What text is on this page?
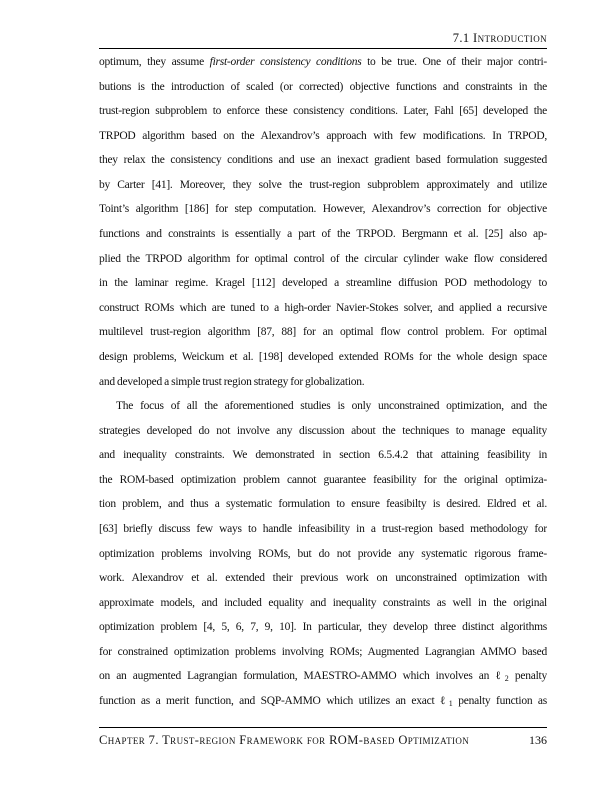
7.1 Introduction
optimum, they assume first-order consistency conditions to be true. One of their major contri-
butions is the introduction of scaled (or corrected) objective functions and constraints in the
trust-region subproblem to enforce these consistency conditions. Later, Fahl [65] developed the
TRPOD algorithm based on the Alexandrov’s approach with few modifications. In TRPOD,
they relax the consistency conditions and use an inexact gradient based formulation suggested
by Carter [41]. Moreover, they solve the trust-region subproblem approximately and utilize
Toint’s algorithm [186] for step computation. However, Alexandrov’s correction for objective
functions and constraints is essentially a part of the TRPOD. Bergmann et al. [25] also ap-
plied the TRPOD algorithm for optimal control of the circular cylinder wake flow considered
in the laminar regime. Kragel [112] developed a streamline diffusion POD methodology to
construct ROMs which are tuned to a high-order Navier-Stokes solver, and applied a recursive
multilevel trust-region algorithm [87, 88] for an optimal flow control problem. For optimal
design problems, Weickum et al. [198] developed extended ROMs for the whole design space
and developed a simple trust region strategy for globalization.
The focus of all the aforementioned studies is only unconstrained optimization, and the
strategies developed do not involve any discussion about the techniques to manage equality
and inequality constraints. We demonstrated in section 6.5.4.2 that attaining feasibility in
the ROM-based optimization problem cannot guarantee feasibility for the original optimiza-
tion problem, and thus a systematic formulation to ensure feasibilty is desired. Eldred et al.
[63] briefly discuss few ways to handle infeasibility in a trust-region based methodology for
optimization problems involving ROMs, but do not provide any systematic rigorous frame-
work. Alexandrov et al. extended their previous work on unconstrained optimization with
approximate models, and included equality and inequality constraints as well in the original
optimization problem [4, 5, 6, 7, 9, 10]. In particular, they develop three distinct algorithms
for constrained optimization problems involving ROMs; Augmented Lagrangian AMMO based
on an augmented Lagrangian formulation, MAESTRO-AMMO which involves an ℓ$_2$ penalty
function as a merit function, and SQP-AMMO which utilizes an exact ℓ$_1$ penalty function as
Chapter 7. Trust-region Framework for ROM-based Optimization	136
